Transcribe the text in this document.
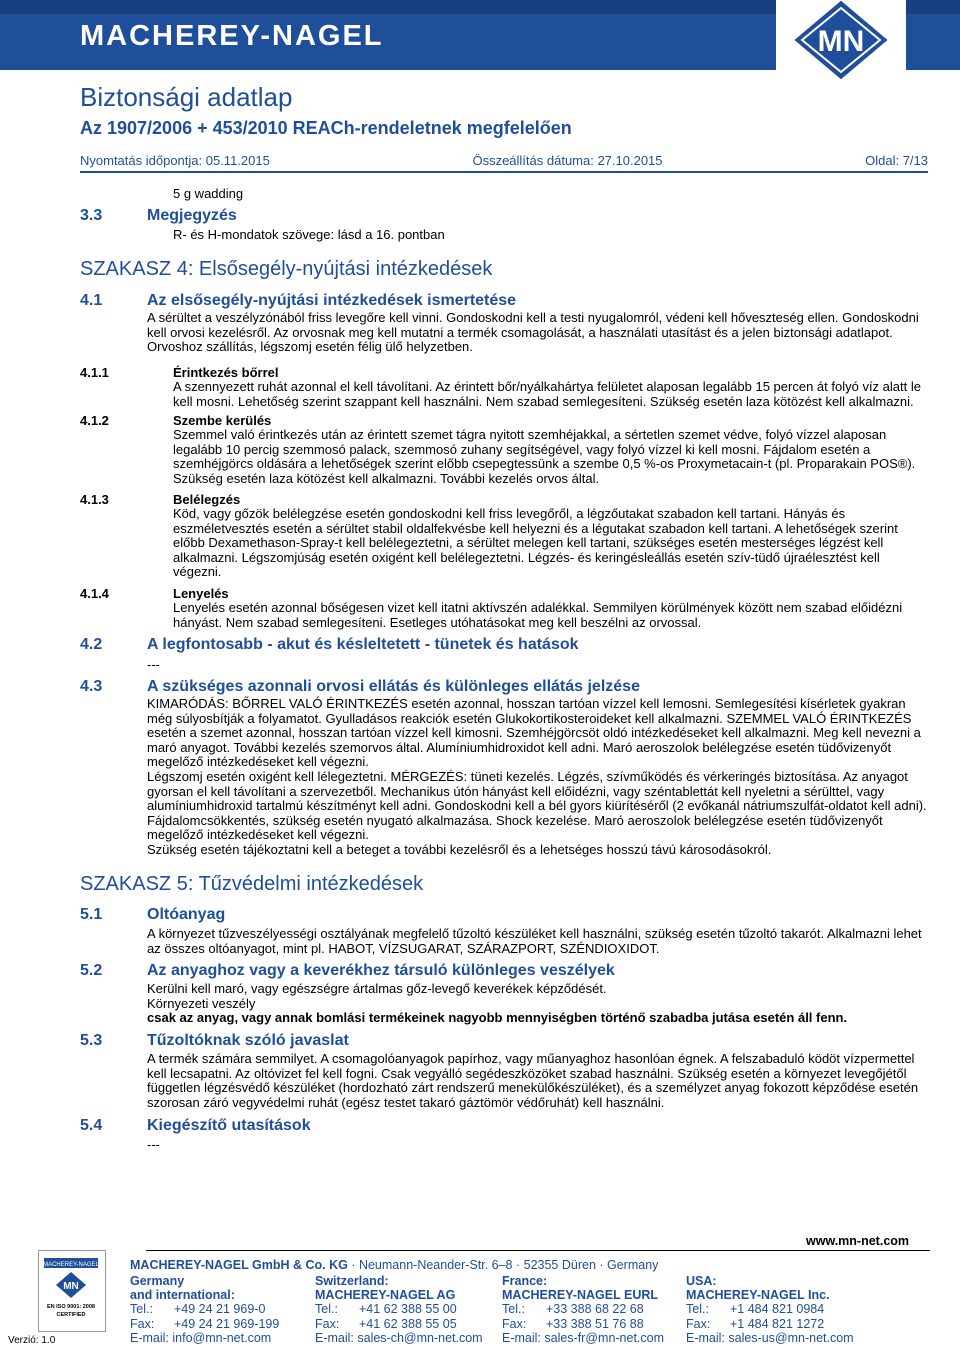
MACHEREY-NAGEL	MN
Biztonsági adatlap
Az 1907/2006 + 453/2010 REACh-rendeletnek megfelelően
Nyomtatás időpontja: 05.11.2015	Összeállítás dátuma: 27.10.2015	Oldal: 7/13
5 g wadding
3.3	Megjegyzés
R- és H-mondatok szövege: lásd a 16. pontban
SZAKASZ 4: Elsősegély-nyújtási intézkedések
4.1	Az elsősegély-nyújtási intézkedések ismertetése
A sérültet a veszélyzónából friss levegőre kell vinni. Gondoskodni kell a testi nyugalomról, védeni kell hőveszteség ellen. Gondoskodni
kell orvosi kezelésről. Az orvosnak meg kell mutatni a termék csomagolását, a használati utasítást és a jelen biztonsági adatlapot.
Orvoshoz szállítás, légszomj esetén félig ülő helyzetben.
4.1.1	Érintkezés bőrrel
A szennyezett ruhát azonnal el kell távolítani. Az érintett bőr/nyálkahártya felületet alaposan legalább 15 percen át folyó víz alatt le
kell mosni. Lehetőség szerint szappant kell használni. Nem szabad semlegesíteni. Szükség esetén laza kötözést kell alkalmazni.
4.1.2	Szembe kerülés
Szemmel való érintkezés után az érintett szemet tágra nyitott szemhéjakkal, a sértetlen szemet védve, folyó vízzel alaposan
legalább 10 percig szemmosó palack, szemmosó zuhany segítségével, vagy folyó vízzel ki kell mosni. Fájdalom esetén a
szemhéjgörcs oldására a lehetőségek szerint előbb csepegtessünk a szembe 0,5 %-os Proxymetacain-t (pl. Proparakain POS®).
Szükség esetén laza kötözést kell alkalmazni. További kezelés orvos által.
4.1.3	Belélegzés
Köd, vagy gőzök belélegzése esetén gondoskodni kell friss levegőről, a légzőutakat szabadon kell tartani. Hányás és
eszméletvesztés esetén a sérültet stabil oldalfekvésbe kell helyezni és a légutakat szabadon kell tartani. A lehetőségek szerint
előbb Dexamethason-Spray-t kell belélegeztetni, a sérültet melegen kell tartani, szükséges esetén mesterséges légzést kell
alkalmazni. Légszomjúság esetén oxigént kell belélegeztetni. Légzés- és keringésleállás esetén szív-tüdő újraélesztést kell
végezni.
4.1.4	Lenyelés
Lenyelés esetén azonnal bőségesen vizet kell itatni aktívszén adalékkal. Semmilyen körülmények között nem szabad előidézni
hányást. Nem szabad semlegesíteni. Esetleges utóhatásokat meg kell beszélni az orvossal.
4.2	A legfontosabb - akut és késleltetett - tünetek és hatások
---
4.3	A szükséges azonnali orvosi ellátás és különleges ellátás jelzése
KIMARÓDÁS: BŐRREL VALÓ ÉRINTKEZÉS esetén azonnal, hosszan tartóan vízzel kell lemosni. Semlegesítési kísérletek gyakran
még súlyosbítják a folyamatot. Gyulladásos reakciók esetén Glukokortikosteroideket kell alkalmazni. SZEMMEL VALÓ ÉRINTKEZÉS
esetén a szemet azonnal, hosszan tartóan vízzel kell kimosni. Szemhéjgörcsöt oldó intézkedéseket kell alkalmazni. Meg kell nevezni a
maró anyagot. További kezelés szemorvos által. Alumíniumhidroxidot kell adni. Maró aeroszolok belélegzése esetén tüdővizenyőt
megelőző intézkedéseket kell végezni.
Légszomj esetén oxigént kell lélegeztetni. MÉRGEZÉS: tüneti kezelés. Légzés, szívműködés és vérkeringés biztosítása. Az anyagot
gyorsan el kell távolítani a szervezetből. Mechanikus útón hányást kell előidézni, vagy széntablettát kell nyeletni a sérülttel, vagy
alumíniumhidroxid tartalmú készítményt kell adni. Gondoskodni kell a bél gyors kiürítéséről (2 evőkanál nátriumszulfát-oldatot kell adni).
Fájdalomcsökkentés, szükség esetén nyugató alkalmazása. Shock kezelése. Maró aeroszolok belélegzése esetén tüdővizenyőt
megelőző intézkedéseket kell végezni.
Szükség esetén tájékoztatni kell a beteget a további kezelésről és a lehetséges hosszú távú károsodásokról.
SZAKASZ 5: Tűzvédelmi intézkedések
5.1	Oltóanyag
A környezet tűzveszélyességi osztályának megfelelő tűzoltó készüléket kell használni, szükség esetén tűzoltó takarót. Alkalmazni lehet
az összes oltóanyagot, mint pl. HABOT, VÍZSUGARAT, SZÁRAZPORT, SZÉNDIOXIDOT.
5.2	Az anyaghoz vagy a keverékhez társuló különleges veszélyek
Kerülni kell maró, vagy egészségre ártalmas gőz-levegő keverékek képződését.
Környezeti veszély
csak az anyag, vagy annak bomlási termékeinek nagyobb mennyiségben történő szabadba jutása esetén áll fenn.
5.3	Tűzoltóknak szóló javaslat
A termék számára semmilyet. A csomagolóanyagok papírhoz, vagy műanyaghoz hasonlóan égnek. A felszabaduló ködöt vízpermettel
kell lecsapatni. Az oltóvizet fel kell fogni. Csak vegyálló segédeszközöket szabad használni. Szükség esetén a környezet levegőjétől
független légzésvédő készüléket (hordozható zárt rendszerű menekülőkészüléket), és a személyzet anyag fokozott képződése esetén
szorosan záró vegyvédelmi ruhát (egész testet takaró gáztömör védőruhát) kell használni.
5.4	Kiegészítő utasítások
---
www.mn-net.com
MACHEREY-NAGEL
MN
EN ISO 9001: 2008
CERTIFIED
Verzió: 1.0
MACHEREY-NAGEL GmbH & Co. KG · Neumann-Neander-Str. 6–8 · 52355 Düren · Germany
Germany
and international:
Tel.: +49 24 21 969-0
Fax: +49 24 21 969-199
E-mail: info@mn-net.com
Switzerland:
MACHEREY-NAGEL AG
Tel.: +41 62 388 55 00
Fax: +41 62 388 55 05
E-mail: sales-ch@mn-net.com
France:
MACHEREY-NAGEL EURL
Tel.: +33 388 68 22 68
Fax: +33 388 51 76 88
E-mail: sales-fr@mn-net.com
USA:
MACHEREY-NAGEL Inc.
Tel.: +1 484 821 0984
Fax: +1 484 821 1272
E-mail: sales-us@mn-net.com
